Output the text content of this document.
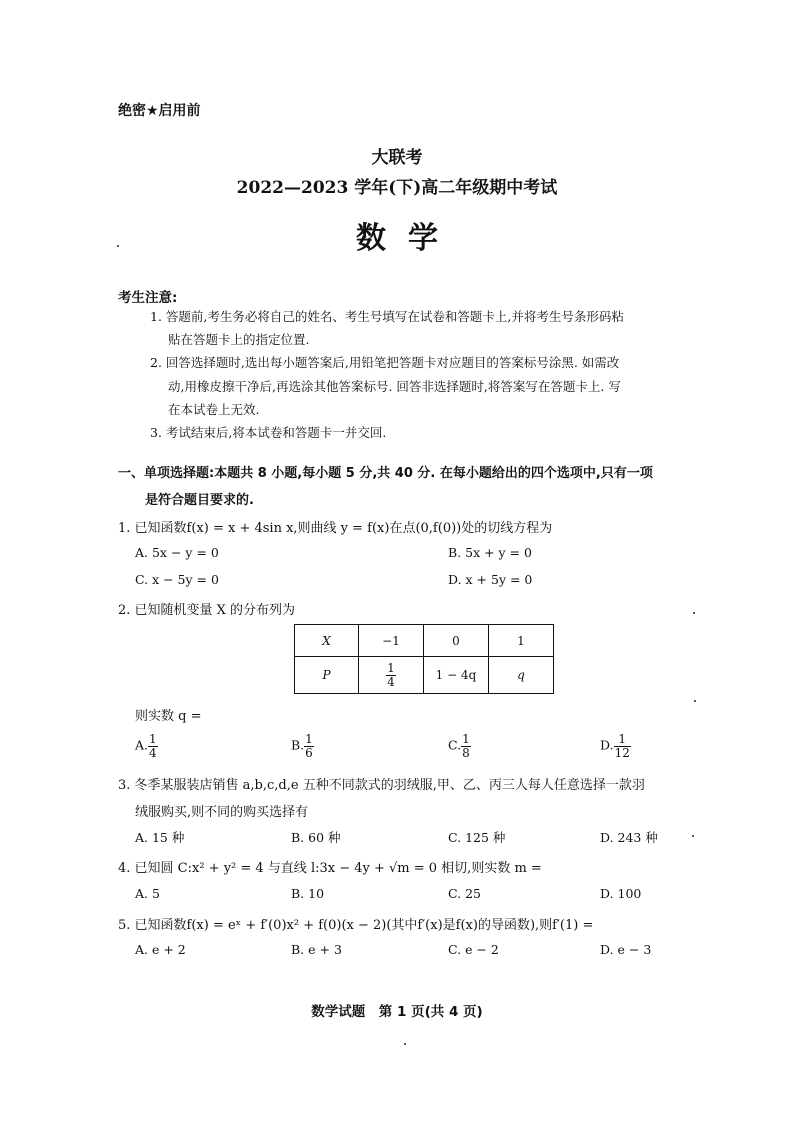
绝密★启用前
大联考
2022—2023 学年(下)高二年级期中考试
数学
考生注意:
1. 答题前,考生务必将自己的姓名、考生号填写在试卷和答题卡上,并将考生号条形码粘
贴在答题卡上的指定位置.
2. 回答选择题时,选出每小题答案后,用铅笔把答题卡对应题目的答案标号涂黑. 如需改
动,用橡皮擦干净后,再选涂其他答案标号. 回答非选择题时,将答案写在答题卡上. 写
在本试卷上无效.
3. 考试结束后,将本试卷和答题卡一并交回.
一、单项选择题:本题共 8 小题,每小题 5 分,共 40 分. 在每小题给出的四个选项中,只有一项
是符合题目要求的.
1. 已知函数f(x) = x + 4sin x,则曲线 y = f(x)在点(0,f(0))处的切线方程为
A. 5x − y = 0	B. 5x + y = 0
C. x − 5y = 0	D. x + 5y = 0
2. 已知随机变量 X 的分布列为
X	−1	0	1
P	$\frac{1}{4}$	1 − 4q	q
则实数 q =
A. $\frac{1}{4}$	B. $\frac{1}{6}$	C. $\frac{1}{8}$	D. $\frac{1}{12}$
3. 冬季某服装店销售 a,b,c,d,e 五种不同款式的羽绒服,甲、乙、丙三人每人任意选择一款羽
绒服购买,则不同的购买选择有
A. 15 种	B. 60 种	C. 125 种	D. 243 种
4. 已知圆 C:x² + y² = 4 与直线 l:3x − 4y + √m = 0 相切,则实数 m =
A. 5	B. 10	C. 25	D. 100
5. 已知函数f(x) = eˣ + f′(0)x² + f(0)(x − 2)(其中f′(x)是f(x)的导函数),则f′(1) =
A. e + 2	B. e + 3	C. e − 2	D. e − 3
数学试题　第 1 页(共 4 页)
